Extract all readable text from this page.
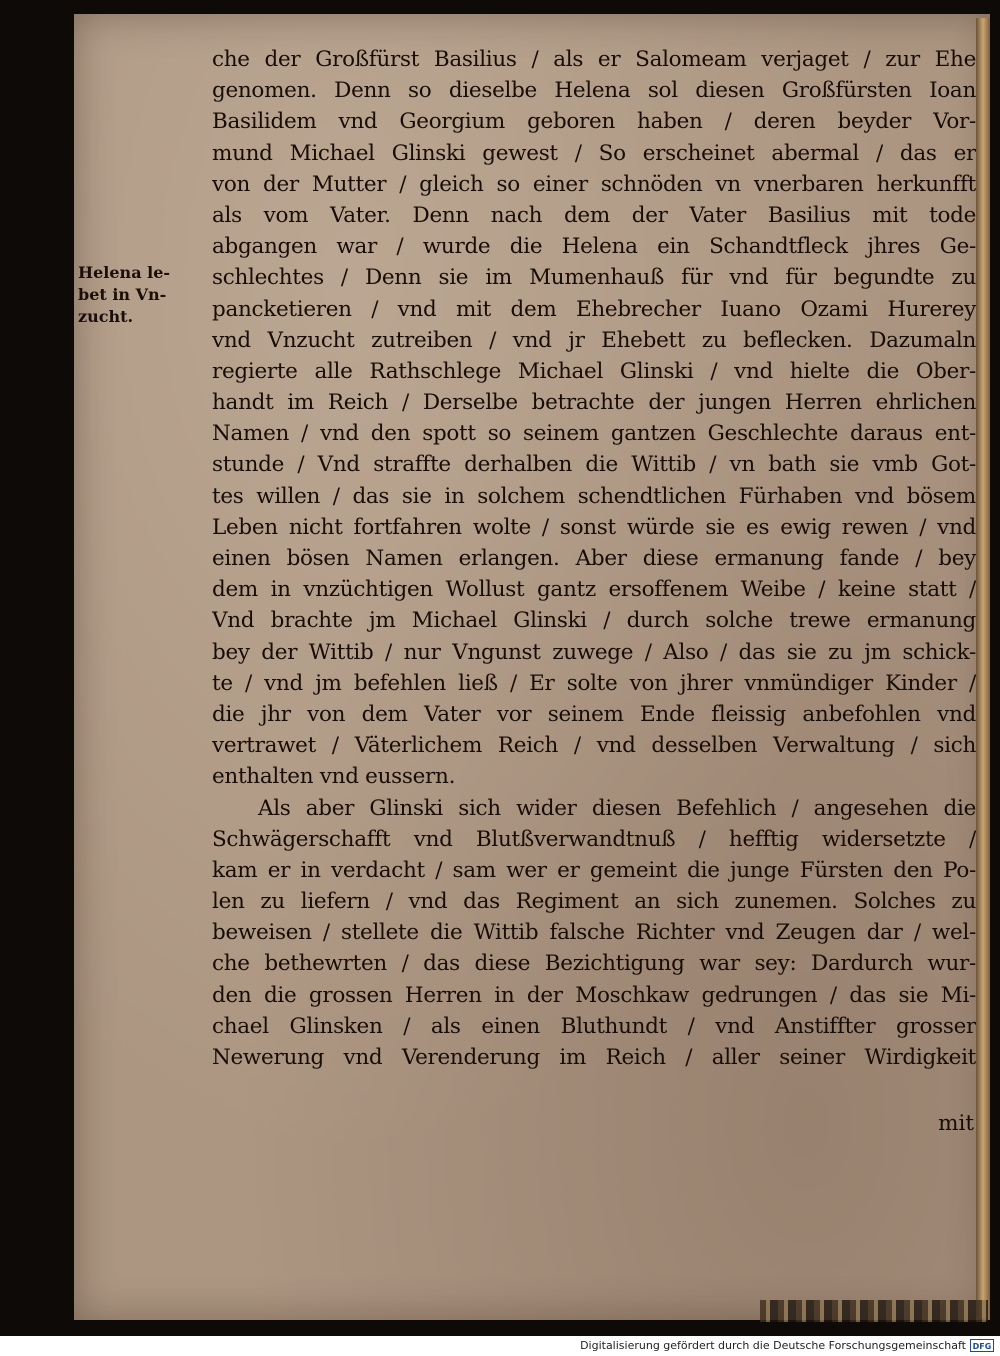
Helena le-
bet in Vn-
zucht.
che der Großfürst Basilius / als er Salomeam verjaget / zur Ehe
genomen. Denn so dieselbe Helena sol diesen Großfürsten Ioan
Basilidem vnd Georgium geboren haben / deren beyder Vor-
mund Michael Glinski gewest / So erscheinet abermal / das er
von der Mutter / gleich so einer schnöden vn vnerbaren herkunfft
als vom Vater. Denn nach dem der Vater Basilius mit tode
abgangen war / wurde die Helena ein Schandtfleck jhres Ge-
schlechtes / Denn sie im Mumenhauß für vnd für begundte zu
pancketieren / vnd mit dem Ehebrecher Iuano Ozami Hurerey
vnd Vnzucht zutreiben / vnd jr Ehebett zu beflecken. Dazumaln
regierte alle Rathschlege Michael Glinski / vnd hielte die Ober-
handt im Reich / Derselbe betrachte der jungen Herren ehrlichen
Namen / vnd den spott so seinem gantzen Geschlechte daraus ent-
stunde / Vnd straffte derhalben die Wittib / vn bath sie vmb Got-
tes willen / das sie in solchem schendtlichen Fürhaben vnd bösem
Leben nicht fortfahren wolte / sonst würde sie es ewig rewen / vnd
einen bösen Namen erlangen. Aber diese ermanung fande / bey
dem in vnzüchtigen Wollust gantz ersoffenem Weibe / keine statt /
Vnd brachte jm Michael Glinski / durch solche trewe ermanung
bey der Wittib / nur Vngunst zuwege / Also / das sie zu jm schick-
te / vnd jm befehlen ließ / Er solte von jhrer vnmündiger Kinder /
die jhr von dem Vater vor seinem Ende fleissig anbefohlen vnd
vertrawet / Väterlichem Reich / vnd desselben Verwaltung / sich
enthalten vnd eussern.
Als aber Glinski sich wider diesen Befehlich / angesehen die
Schwägerschafft vnd Blutßverwandtnuß / hefftig widersetzte /
kam er in verdacht / sam wer er gemeint die junge Fürsten den Po-
len zu liefern / vnd das Regiment an sich zunemen. Solches zu
beweisen / stellete die Wittib falsche Richter vnd Zeugen dar / wel-
che bethewrten / das diese Bezichtigung war sey: Dardurch wur-
den die grossen Herren in der Moschkaw gedrungen / das sie Mi-
chael Glinsken / als einen Bluthundt / vnd Anstiffter grosser
Newerung vnd Verenderung im Reich / aller seiner Wirdigkeit
mit
Digitalisierung gefördert durch die Deutsche Forschungsgemeinschaft DFG
